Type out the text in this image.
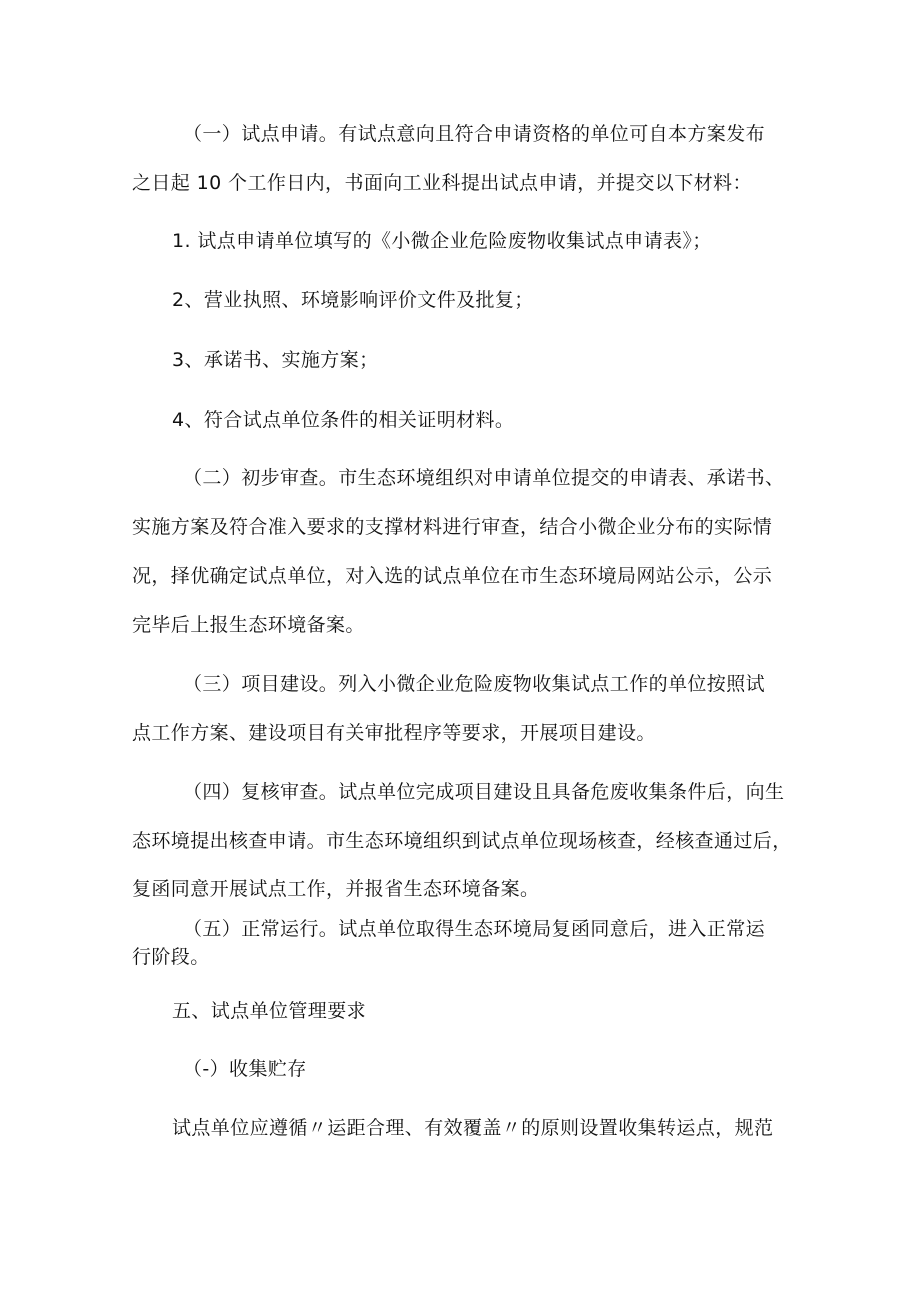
（一）试点申请。有试点意向且符合申请资格的单位可自本方案发布

之日起 10 个工作日内，书面向工业科提出试点申请，并提交以下材料：

1. 试点申请单位填写的《小微企业危险废物收集试点申请表》；

2、营业执照、环境影响评价文件及批复；

3、承诺书、实施方案；

4、符合试点单位条件的相关证明材料。

（二）初步审查。市生态环境组织对申请单位提交的申请表、承诺书、

实施方案及符合准入要求的支撑材料进行审查，结合小微企业分布的实际情

况，择优确定试点单位，对入选的试点单位在市生态环境局网站公示，公示

完毕后上报生态环境备案。

（三）项目建设。列入小微企业危险废物收集试点工作的单位按照试

点工作方案、建设项目有关审批程序等要求，开展项目建设。

（四）复核审查。试点单位完成项目建设且具备危废收集条件后，向生

态环境提出核查申请。市生态环境组织到试点单位现场核查，经核查通过后，

复函同意开展试点工作，并报省生态环境备案。

（五）正常运行。试点单位取得生态环境局复函同意后，进入正常运

行阶段。

五、试点单位管理要求

（-）收集贮存

试点单位应遵循〃运距合理、有效覆盖〃的原则设置收集转运点，规范
